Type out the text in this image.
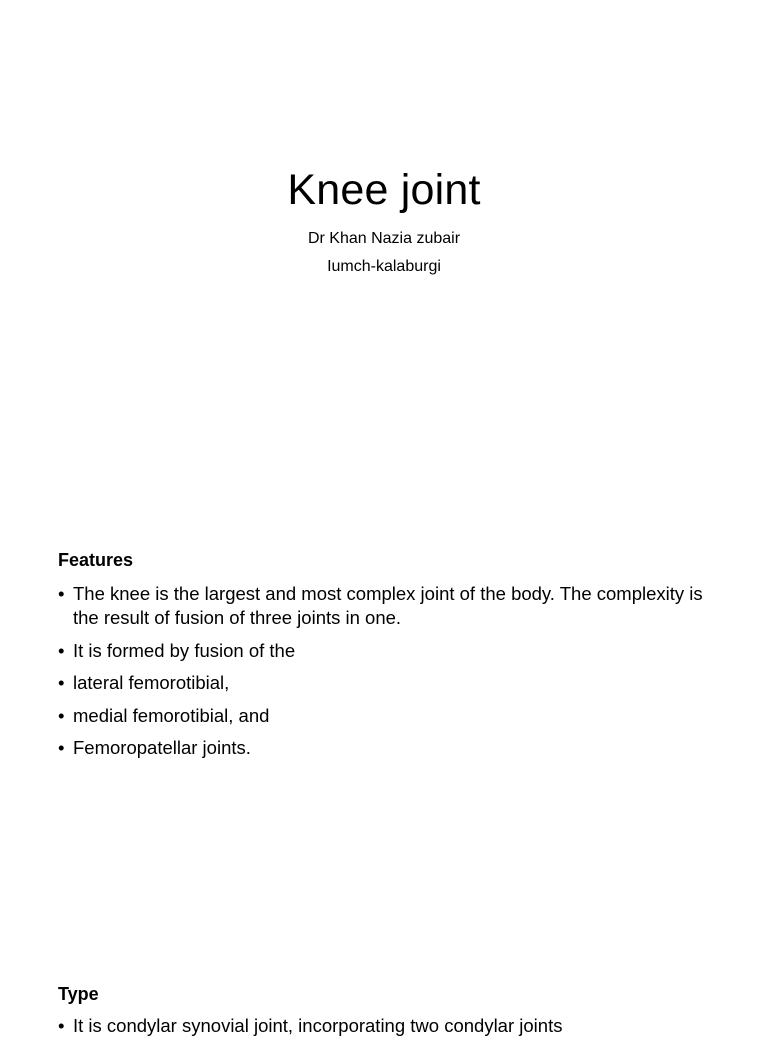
Knee joint
Dr Khan Nazia zubair
Iumch-kalaburgi
Features
• The knee is the largest and most complex joint of the body. The complexity is the result of fusion of three joints in one.
• It is formed by fusion of the
• lateral femorotibial,
• medial femorotibial, and
• Femoropatellar joints.
Type
• It is condylar synovial joint, incorporating two condylar joints
